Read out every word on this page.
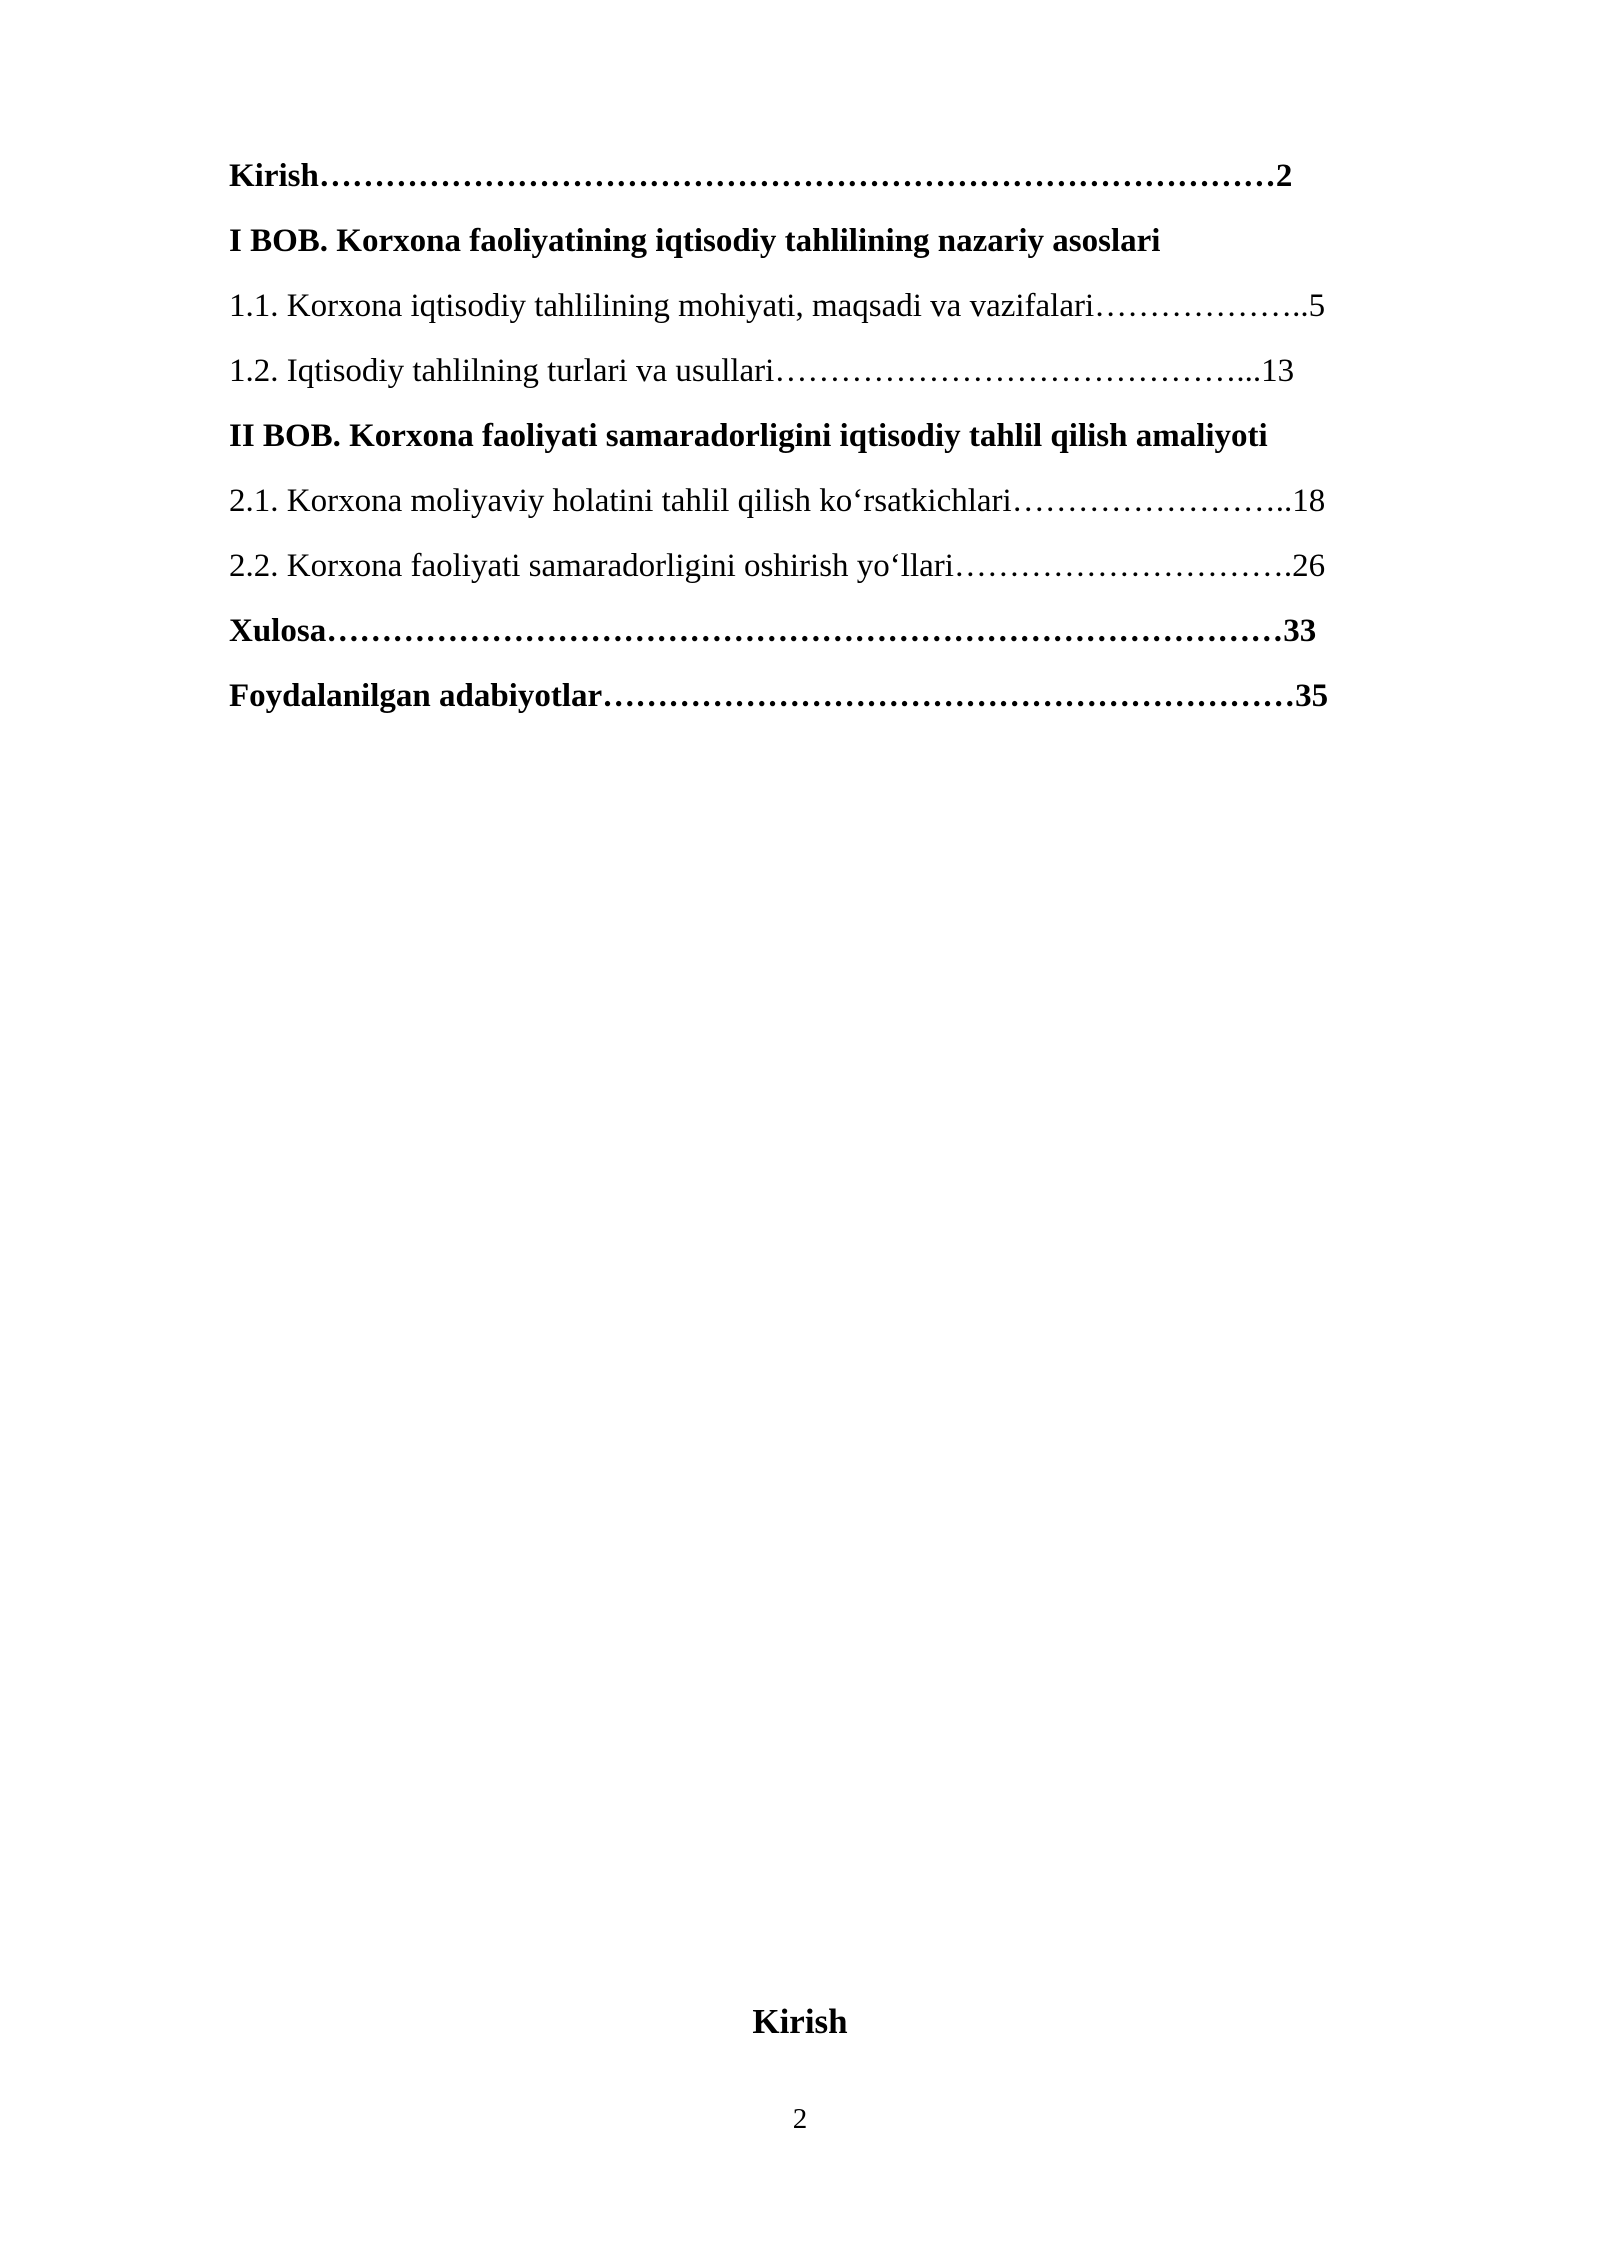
Kirish……………………………………………………………………………2
I BOB. Korxona faoliyatining iqtisodiy tahlilining nazariy asoslari
1.1. Korxona iqtisodiy tahlilining mohiyati, maqsadi va vazifalari………………..5
1.2. Iqtisodiy tahlilning turlari va usullari……………………………………...13
II BOB. Korxona faoliyati samaradorligini iqtisodiy tahlil qilish amaliyoti
2.1. Korxona moliyaviy holatini tahlil qilish ko‘rsatkichlari……………………..18
2.2. Korxona faoliyati samaradorligini oshirish yo‘llari………………………….26
Xulosa……………………………………………………………………………33
Foydalanilgan adabiyotlar………………………………………………………35
Kirish
2
